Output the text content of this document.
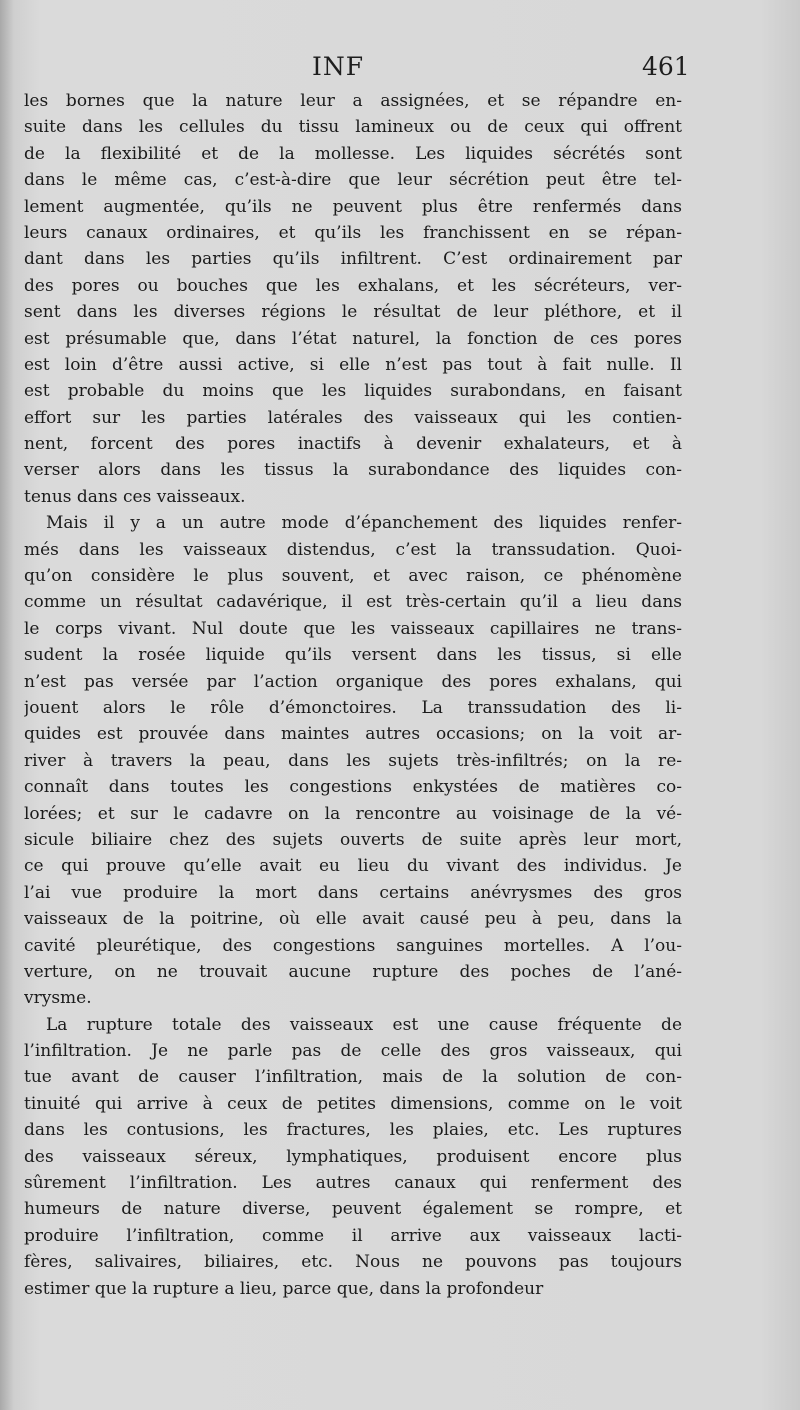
INF	461
les bornes que la nature leur a assignées, et se répandre en-
suite dans les cellules du tissu lamineux ou de ceux qui offrent
de la flexibilité et de la mollesse. Les liquides sécrétés sont
dans le même cas, c’est-à-dire que leur sécrétion peut être tel-
lement augmentée, qu’ils ne peuvent plus être renfermés dans
leurs canaux ordinaires, et qu’ils les franchissent en se répan-
dant dans les parties qu’ils infiltrent. C’est ordinairement par
des pores ou bouches que les exhalans, et les sécréteurs, ver-
sent dans les diverses régions le résultat de leur pléthore, et il
est présumable que, dans l’état naturel, la fonction de ces pores
est loin d’être aussi active, si elle n’est pas tout à fait nulle. Il
est probable du moins que les liquides surabondans, en faisant
effort sur les parties latérales des vaisseaux qui les contien-
nent, forcent des pores inactifs à devenir exhalateurs, et à
verser alors dans les tissus la surabondance des liquides con-
tenus dans ces vaisseaux.
Mais il y a un autre mode d’épanchement des liquides renfer-
més dans les vaisseaux distendus, c’est la transsudation. Quoi-
qu’on considère le plus souvent, et avec raison, ce phénomène
comme un résultat cadavérique, il est très-certain qu’il a lieu dans
le corps vivant. Nul doute que les vaisseaux capillaires ne trans-
sudent la rosée liquide qu’ils versent dans les tissus, si elle
n’est pas versée par l’action organique des pores exhalans, qui
jouent alors le rôle d’émonctoires. La transsudation des li-
quides est prouvée dans maintes autres occasions; on la voit ar-
river à travers la peau, dans les sujets très-infiltrés; on la re-
connaît dans toutes les congestions enkystées de matières co-
lorées; et sur le cadavre on la rencontre au voisinage de la vé-
sicule biliaire chez des sujets ouverts de suite après leur mort,
ce qui prouve qu’elle avait eu lieu du vivant des individus. Je
l’ai vue produire la mort dans certains anévrysmes des gros
vaisseaux de la poitrine, où elle avait causé peu à peu, dans la
cavité pleurétique, des congestions sanguines mortelles. A l’ou-
verture, on ne trouvait aucune rupture des poches de l’ané-
vrysme.
La rupture totale des vaisseaux est une cause fréquente de
l’infiltration. Je ne parle pas de celle des gros vaisseaux, qui
tue avant de causer l’infiltration, mais de la solution de con-
tinuité qui arrive à ceux de petites dimensions, comme on le voit
dans les contusions, les fractures, les plaies, etc. Les ruptures
des vaisseaux séreux, lymphatiques, produisent encore plus
sûrement l’infiltration. Les autres canaux qui renferment des
humeurs de nature diverse, peuvent également se rompre, et
produire l’infiltration, comme il arrive aux vaisseaux lacti-
fères, salivaires, biliaires, etc. Nous ne pouvons pas toujours
estimer que la rupture a lieu, parce que, dans la profondeur
